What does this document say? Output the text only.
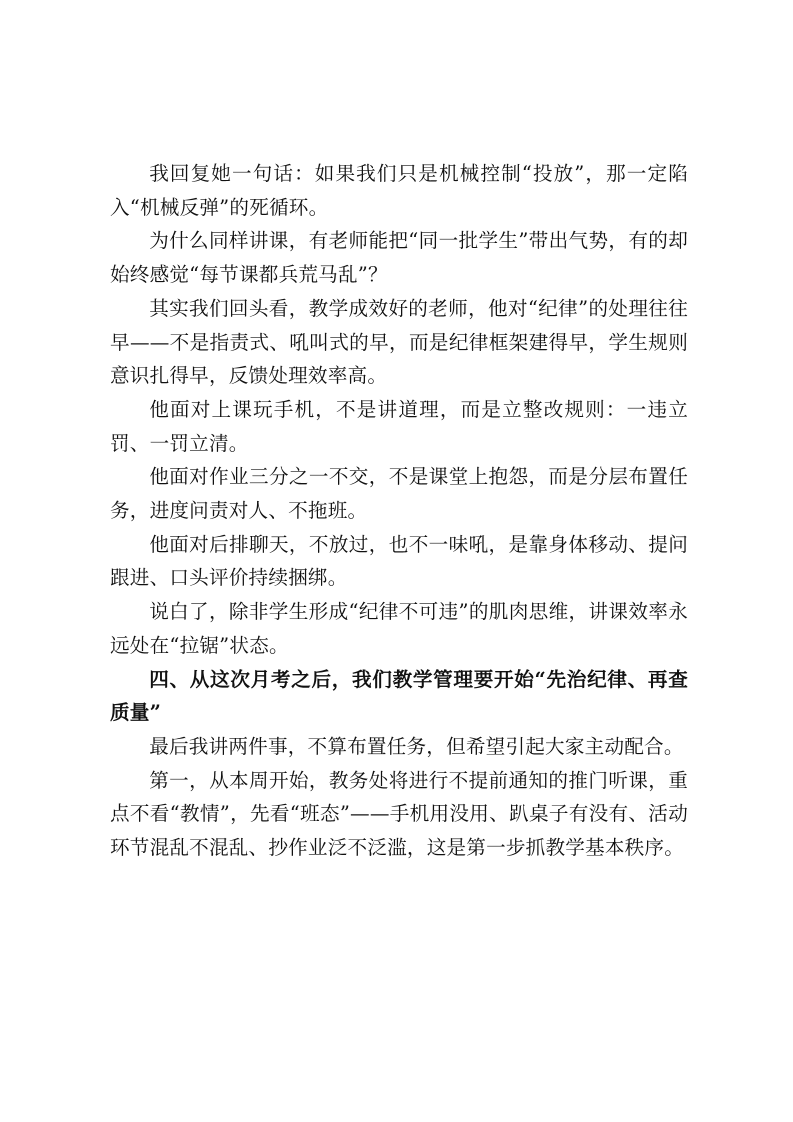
我回复她一句话：如果我们只是机械控制“投放”，那一定陷入“机械反弹”的死循环。

为什么同样讲课，有老师能把“同一批学生”带出气势，有的却始终感觉“每节课都兵荒马乱”？

其实我们回头看，教学成效好的老师，他对“纪律”的处理往往早——不是指责式、吼叫式的早，而是纪律框架建得早，学生规则意识扎得早，反馈处理效率高。

他面对上课玩手机，不是讲道理，而是立整改规则：一违立罚、一罚立清。

他面对作业三分之一不交，不是课堂上抱怨，而是分层布置任务，进度问责对人、不拖班。

他面对后排聊天，不放过，也不一味吼，是靠身体移动、提问跟进、口头评价持续捆绑。

说白了，除非学生形成“纪律不可违”的肌肉思维，讲课效率永远处在“拉锯”状态。

四、从这次月考之后，我们教学管理要开始“先治纪律、再查质量”

最后我讲两件事，不算布置任务，但希望引起大家主动配合。

第一，从本周开始，教务处将进行不提前通知的推门听课，重点不看“教情”，先看“班态”——手机用没用、趴桌子有没有、活动环节混乱不混乱、抄作业泛不泛滥，这是第一步抓教学基本秩序。
